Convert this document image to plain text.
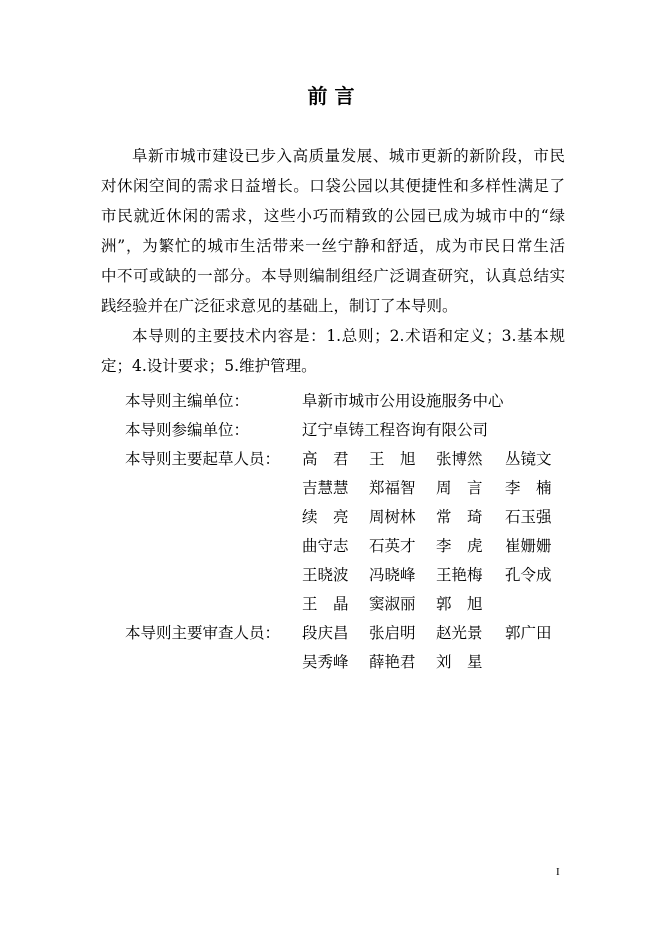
前 言
阜新市城市建设已步入高质量发展、城市更新的新阶段，市民
对休闲空间的需求日益增长。口袋公园以其便捷性和多样性满足了
市民就近休闲的需求，这些小巧而精致的公园已成为城市中的“绿
洲”，为繁忙的城市生活带来一丝宁静和舒适，成为市民日常生活
中不可或缺的一部分。本导则编制组经广泛调查研究，认真总结实
践经验并在广泛征求意见的基础上，制订了本导则。
本导则的主要技术内容是：1.总则；2.术语和定义；3.基本规
定；4.设计要求；5.维护管理。
本导则主编单位：	阜新市城市公用设施服务中心
本导则参编单位：	辽宁卓铸工程咨询有限公司
本导则主要起草人员： 高　君 王　旭 张博然 丛镜文
吉慧慧 郑福智 周　言 李　楠
续　亮 周树林 常　琦 石玉强
曲守志 石英才 李　虎 崔姗姗
王晓波 冯晓峰 王艳梅 孔令成
王　晶 窦淑丽 郭　旭
本导则主要审查人员： 段庆昌 张启明 赵光景 郭广田
吴秀峰 薛艳君 刘　星
I
